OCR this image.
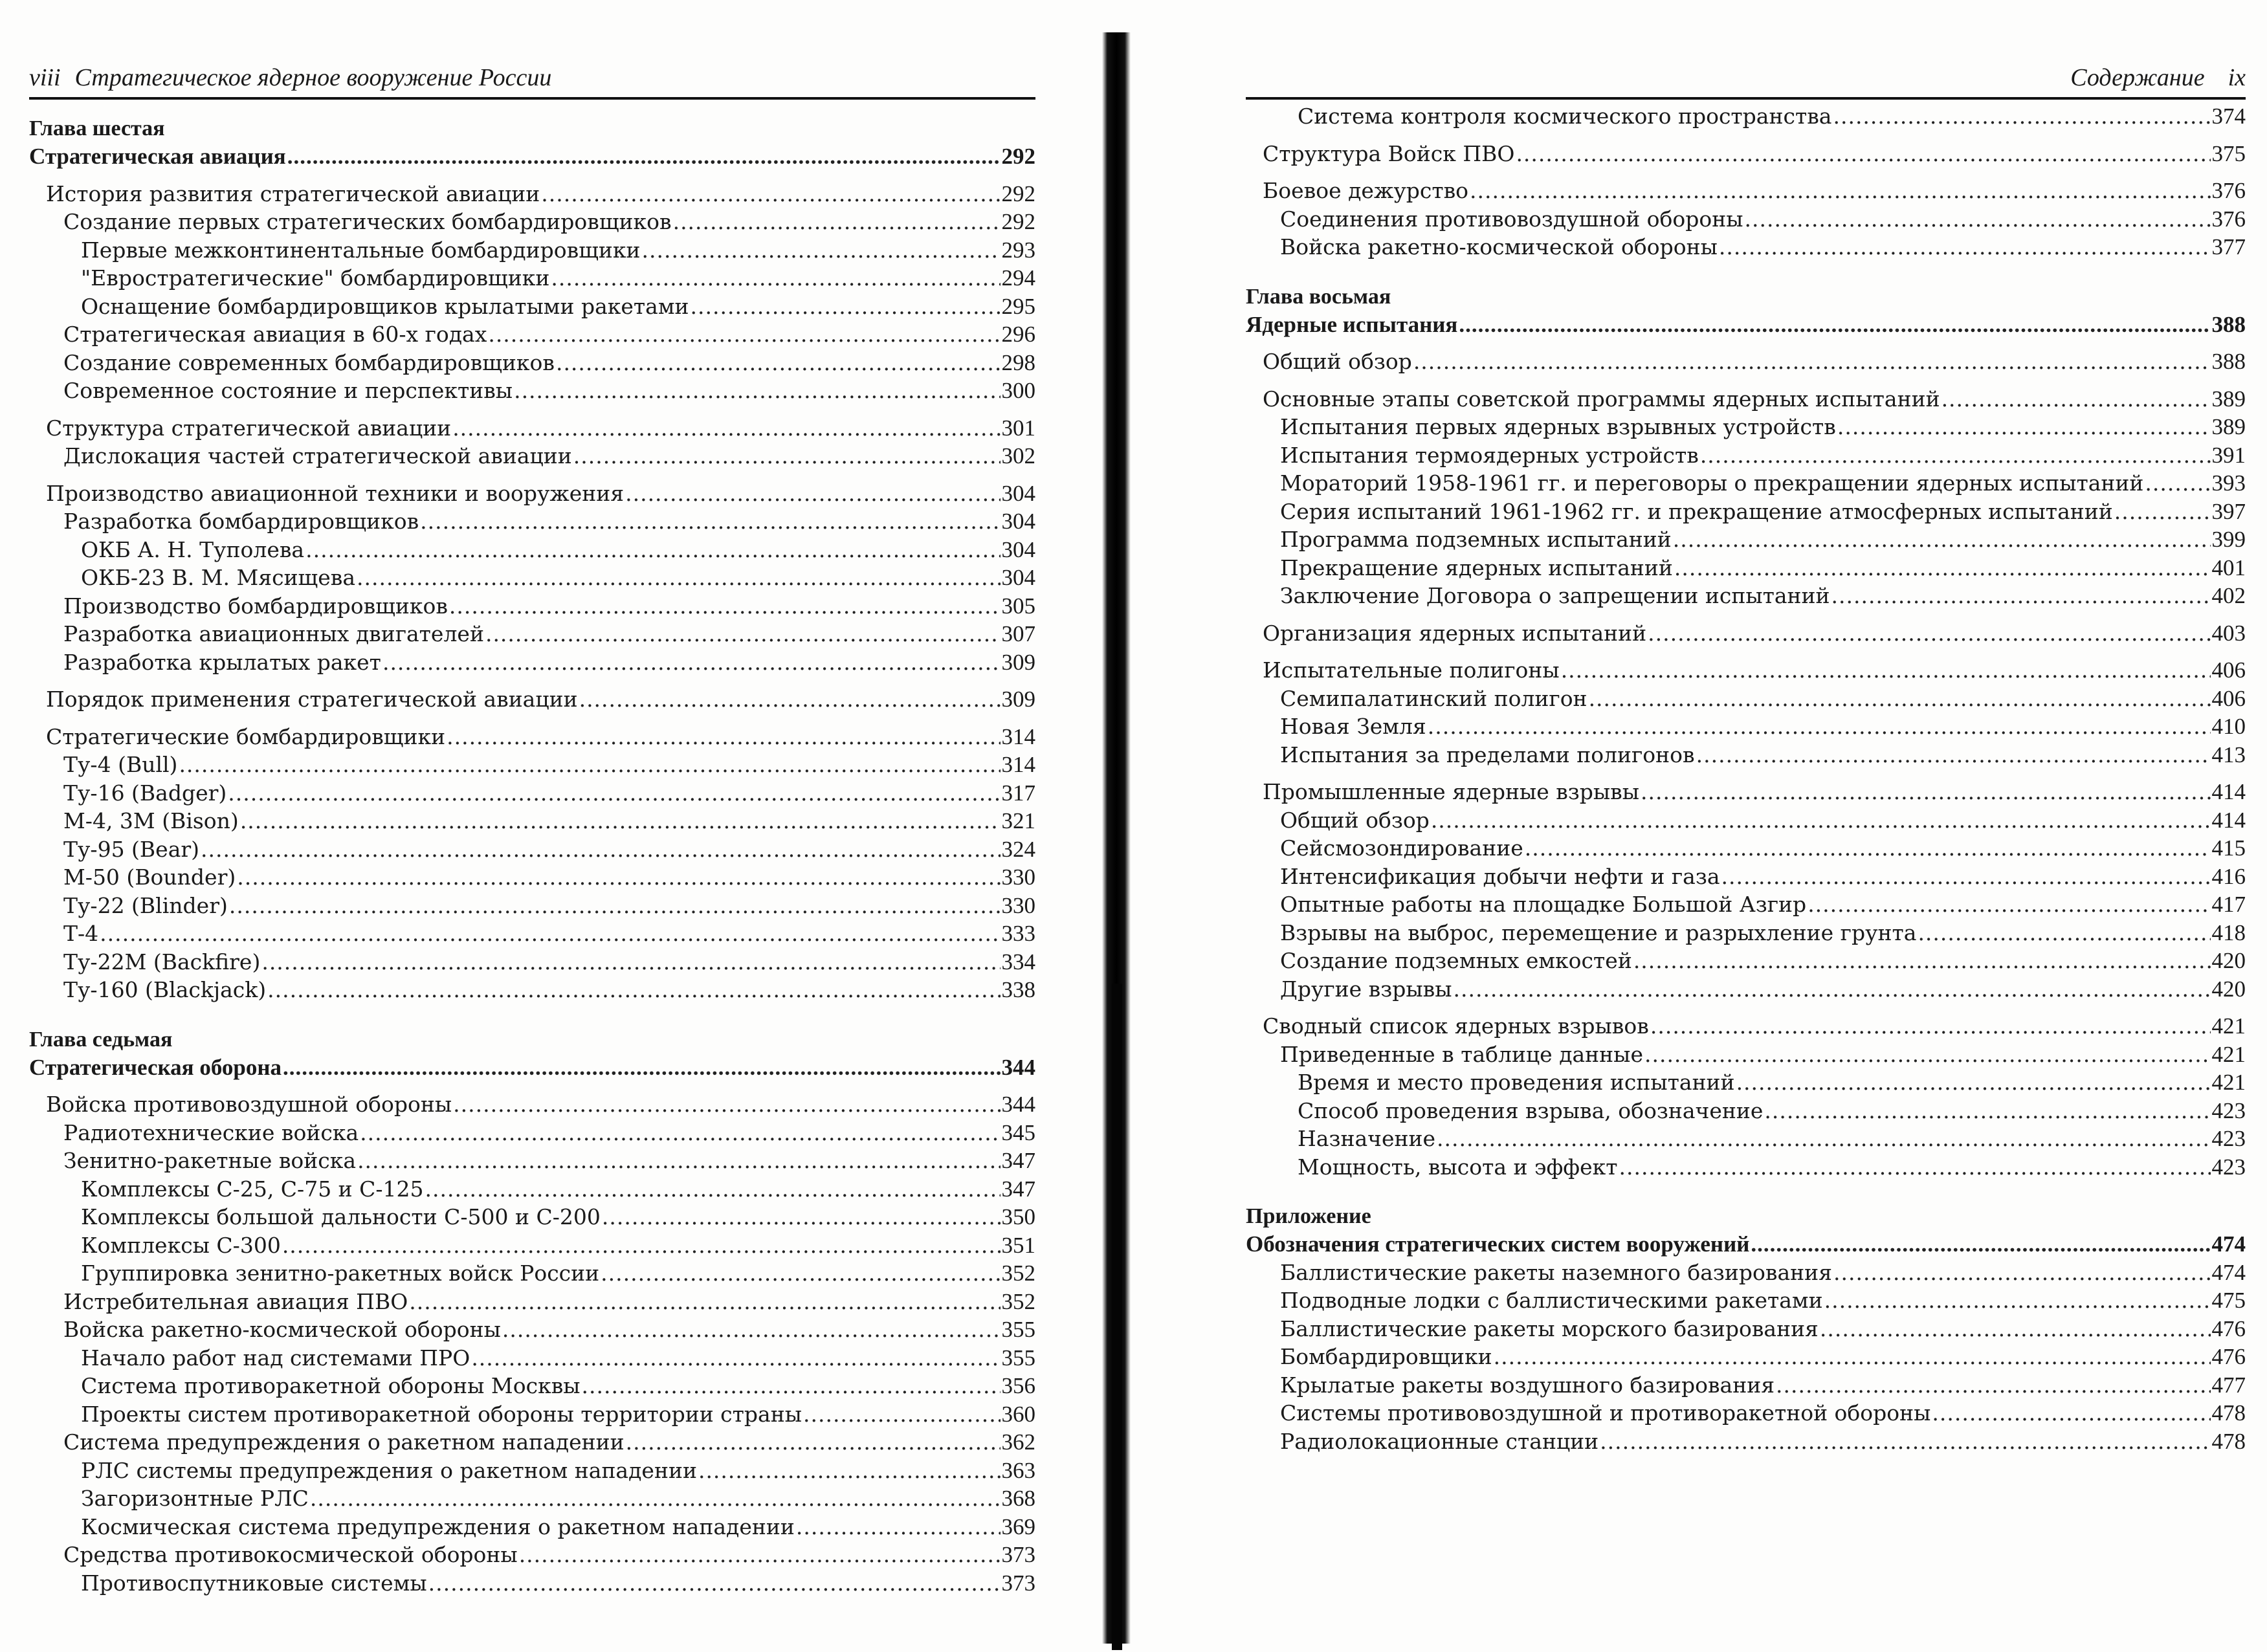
viii Стратегическое ядерное вооружение России
Глава шестая
Стратегическая авиация .....	292
История развития стратегической авиации .....	292
Создание первых стратегических бомбардировщиков .....	292
Первые межконтинентальные бомбардировщики .....	293
"Евростратегические" бомбардировщики .....	294
Оснащение бомбардировщиков крылатыми ракетами .....	295
Стратегическая авиация в 60-х годах .....	296
Создание современных бомбардировщиков .....	298
Современное состояние и перспективы .....	300
Структура стратегической авиации .....	301
Дислокация частей стратегической авиации .....	302
Производство авиационной техники и вооружения .....	304
Разработка бомбардировщиков .....	304
ОКБ А. Н. Туполева .....	304
ОКБ-23 В. М. Мясищева .....	304
Производство бомбардировщиков .....	305
Разработка авиационных двигателей .....	307
Разработка крылатых ракет .....	309
Порядок применения стратегической авиации .....	309
Стратегические бомбардировщики .....	314
Ту-4 (Bull) .....	314
Ту-16 (Badger) .....	317
М-4, 3М (Bison) .....	321
Ту-95 (Bear) .....	324
М-50 (Bounder) .....	330
Ту-22 (Blinder) .....	330
Т-4 .....	333
Ту-22М (Backfire) .....	334
Ту-160 (Blackjack) .....	338
Глава седьмая
Стратегическая оборона .....	344
Войска противовоздушной обороны .....	344
Радиотехнические войска .....	345
Зенитно-ракетные войска .....	347
Комплексы С-25, С-75 и С-125 .....	347
Комплексы большой дальности С-500 и С-200 .....	350
Комплексы С-300 .....	351
Группировка зенитно-ракетных войск России .....	352
Истребительная авиация ПВО .....	352
Войска ракетно-космической обороны .....	355
Начало работ над системами ПРО .....	355
Система противоракетной обороны Москвы .....	356
Проекты систем противоракетной обороны территории страны .....	360
Система предупреждения о ракетном нападении .....	362
РЛС системы предупреждения о ракетном нападении .....	363
Загоризонтные РЛС .....	368
Космическая система предупреждения о ракетном нападении .....	369
Средства противокосмической обороны .....	373
Противоспутниковые системы .....	373
Содержание ix
Система контроля космического пространства .....	374
Структура Войск ПВО .....	375
Боевое дежурство .....	376
Соединения противовоздушной обороны .....	376
Войска ракетно-космической обороны .....	377
Глава восьмая
Ядерные испытания .....	388
Общий обзор .....	388
Основные этапы советской программы ядерных испытаний .....	389
Испытания первых ядерных взрывных устройств .....	389
Испытания термоядерных устройств .....	391
Мораторий 1958-1961 гг. и переговоры о прекращении ядерных испытаний .....	393
Серия испытаний 1961-1962 гг. и прекращение атмосферных испытаний .....	397
Программа подземных испытаний .....	399
Прекращение ядерных испытаний .....	401
Заключение Договора о запрещении испытаний .....	402
Организация ядерных испытаний .....	403
Испытательные полигоны .....	406
Семипалатинский полигон .....	406
Новая Земля .....	410
Испытания за пределами полигонов .....	413
Промышленные ядерные взрывы .....	414
Общий обзор .....	414
Сейсмозондирование .....	415
Интенсификация добычи нефти и газа .....	416
Опытные работы на площадке Большой Азгир .....	417
Взрывы на выброс, перемещение и разрыхление грунта .....	418
Создание подземных емкостей .....	420
Другие взрывы .....	420
Сводный список ядерных взрывов .....	421
Приведенные в таблице данные .....	421
Время и место проведения испытаний .....	421
Способ проведения взрыва, обозначение .....	423
Назначение .....	423
Мощность, высота и эффект .....	423
Приложение
Обозначения стратегических систем вооружений .....	474
Баллистические ракеты наземного базирования .....	474
Подводные лодки с баллистическими ракетами .....	475
Баллистические ракеты морского базирования .....	476
Бомбардировщики .....	476
Крылатые ракеты воздушного базирования .....	477
Системы противовоздушной и противоракетной обороны .....	478
Радиолокационные станции .....	478
